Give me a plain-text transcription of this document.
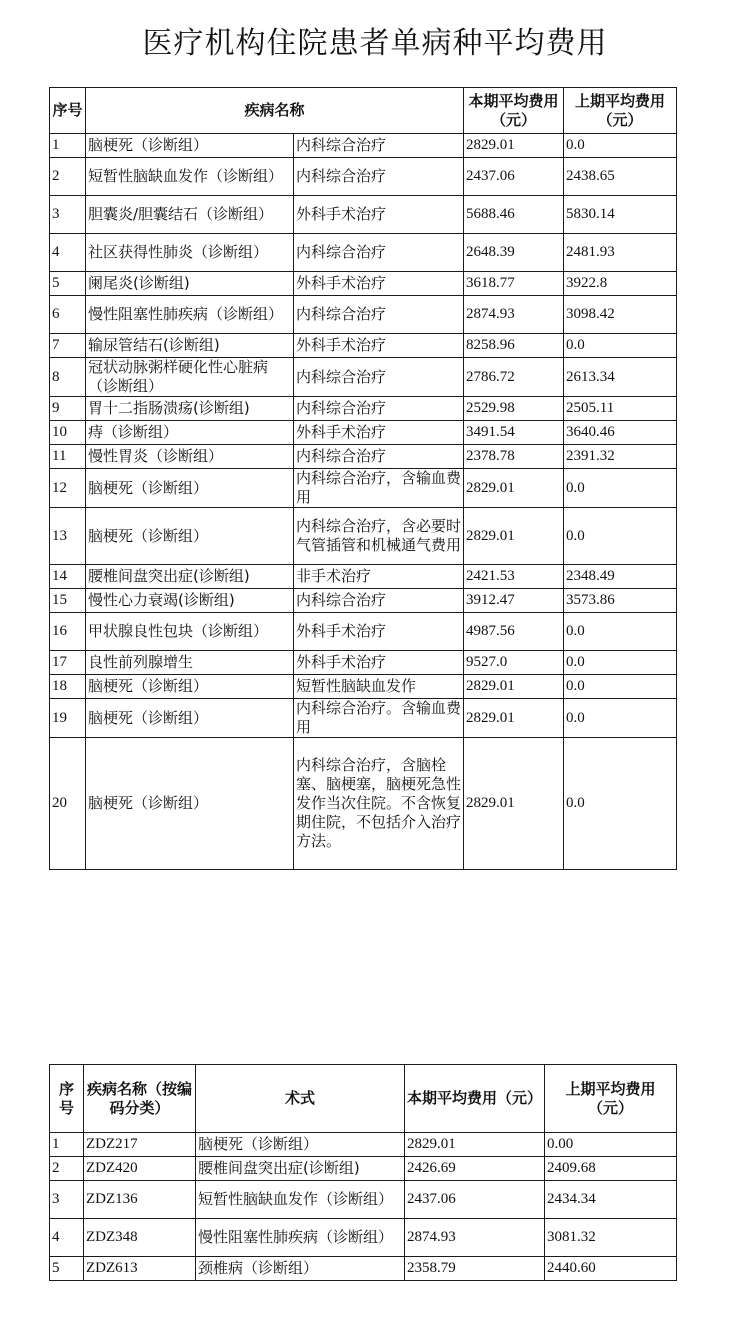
医疗机构住院患者单病种平均费用
序号	疾病名称		本期平均费用（元）	上期平均费用（元）
1	脑梗死（诊断组）	内科综合治疗	2829.01	0.0
2	短暂性脑缺血发作（诊断组）	内科综合治疗	2437.06	2438.65
3	胆囊炎/胆囊结石（诊断组）	外科手术治疗	5688.46	5830.14
4	社区获得性肺炎（诊断组）	内科综合治疗	2648.39	2481.93
5	阑尾炎(诊断组)	外科手术治疗	3618.77	3922.8
6	慢性阻塞性肺疾病（诊断组）	内科综合治疗	2874.93	3098.42
7	输尿管结石(诊断组)	外科手术治疗	8258.96	0.0
8	冠状动脉粥样硬化性心脏病（诊断组）	内科综合治疗	2786.72	2613.34
9	胃十二指肠溃疡(诊断组)	内科综合治疗	2529.98	2505.11
10	痔（诊断组）	外科手术治疗	3491.54	3640.46
11	慢性胃炎（诊断组）	内科综合治疗	2378.78	2391.32
12	脑梗死（诊断组）	内科综合治疗，含输血费用	2829.01	0.0
13	脑梗死（诊断组）	内科综合治疗，含必要时气管插管和机械通气费用	2829.01	0.0
14	腰椎间盘突出症(诊断组)	非手术治疗	2421.53	2348.49
15	慢性心力衰竭(诊断组)	内科综合治疗	3912.47	3573.86
16	甲状腺良性包块（诊断组）	外科手术治疗	4987.56	0.0
17	良性前列腺增生	外科手术治疗	9527.0	0.0
18	脑梗死（诊断组）	短暂性脑缺血发作	2829.01	0.0
19	脑梗死（诊断组）	内科综合治疗。含输血费用	2829.01	0.0
20	脑梗死（诊断组）	内科综合治疗，含脑栓塞、脑梗塞，脑梗死急性发作当次住院。不含恢复期住院，不包括介入治疗方法。	2829.01	0.0
序号	疾病名称（按编码分类）	术式	本期平均费用（元）	上期平均费用（元）
1	ZDZ217	脑梗死（诊断组）	2829.01	0.00
2	ZDZ420	腰椎间盘突出症(诊断组)	2426.69	2409.68
3	ZDZ136	短暂性脑缺血发作（诊断组）	2437.06	2434.34
4	ZDZ348	慢性阻塞性肺疾病（诊断组）	2874.93	3081.32
5	ZDZ613	颈椎病（诊断组）	2358.79	2440.60
